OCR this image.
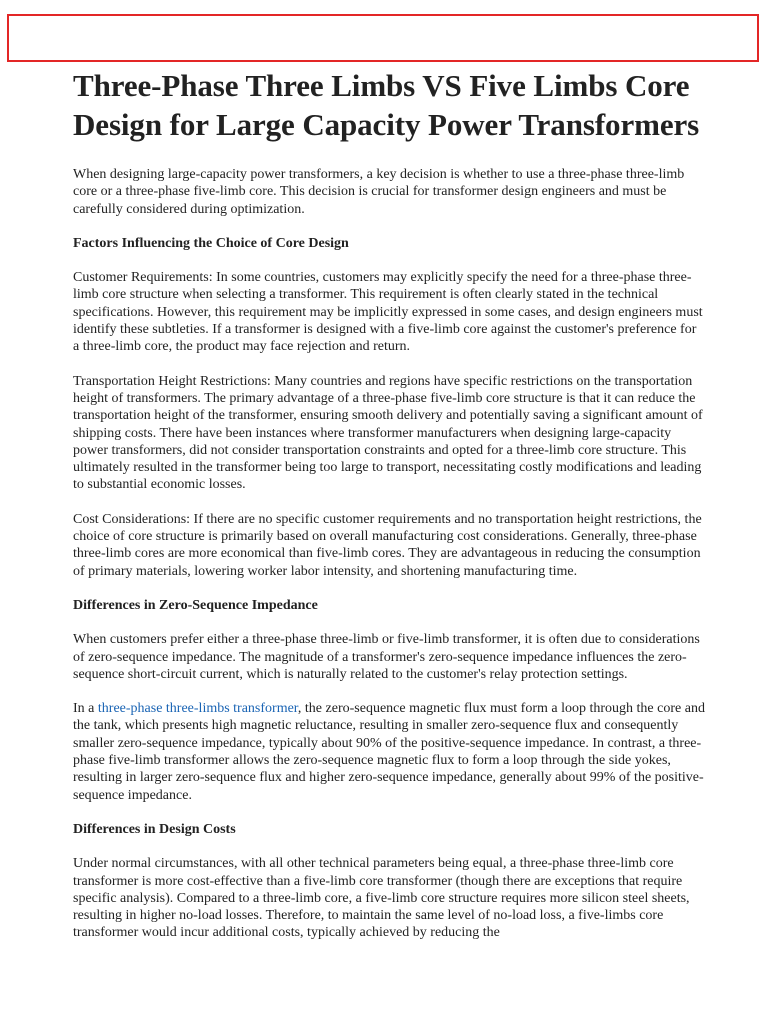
Three-Phase Three Limbs VS Five Limbs Core Design for Large Capacity Power Transformers

When designing large-capacity power transformers, a key decision is whether to use a three-phase three-limb core or a three-phase five-limb core. This decision is crucial for transformer design engineers and must be carefully considered during optimization.

Factors Influencing the Choice of Core Design

Customer Requirements: In some countries, customers may explicitly specify the need for a three-phase three-limb core structure when selecting a transformer. This requirement is often clearly stated in the technical specifications. However, this requirement may be implicitly expressed in some cases, and design engineers must identify these subtleties. If a transformer is designed with a five-limb core against the customer's preference for a three-limb core, the product may face rejection and return.

Transportation Height Restrictions: Many countries and regions have specific restrictions on the transportation height of transformers. The primary advantage of a three-phase five-limb core structure is that it can reduce the transportation height of the transformer, ensuring smooth delivery and potentially saving a significant amount of shipping costs. There have been instances where transformer manufacturers when designing large-capacity power transformers, did not consider transportation constraints and opted for a three-limb core structure. This ultimately resulted in the transformer being too large to transport, necessitating costly modifications and leading to substantial economic losses.

Cost Considerations: If there are no specific customer requirements and no transportation height restrictions, the choice of core structure is primarily based on overall manufacturing cost considerations. Generally, three-phase three-limb cores are more economical than five-limb cores. They are advantageous in reducing the consumption of primary materials, lowering worker labor intensity, and shortening manufacturing time.

Differences in Zero-Sequence Impedance

When customers prefer either a three-phase three-limb or five-limb transformer, it is often due to considerations of zero-sequence impedance. The magnitude of a transformer's zero-sequence impedance influences the zero-sequence short-circuit current, which is naturally related to the customer's relay protection settings.

In a three-phase three-limbs transformer, the zero-sequence magnetic flux must form a loop through the core and the tank, which presents high magnetic reluctance, resulting in smaller zero-sequence flux and consequently smaller zero-sequence impedance, typically about 90% of the positive-sequence impedance. In contrast, a three-phase five-limb transformer allows the zero-sequence magnetic flux to form a loop through the side yokes, resulting in larger zero-sequence flux and higher zero-sequence impedance, generally about 99% of the positive-sequence impedance.

Differences in Design Costs

Under normal circumstances, with all other technical parameters being equal, a three-phase three-limb core transformer is more cost-effective than a five-limb core transformer (though there are exceptions that require specific analysis). Compared to a three-limb core, a five-limb core structure requires more silicon steel sheets, resulting in higher no-load losses. Therefore, to maintain the same level of no-load loss, a five-limbs core transformer would incur additional costs, typically achieved by reducing the
